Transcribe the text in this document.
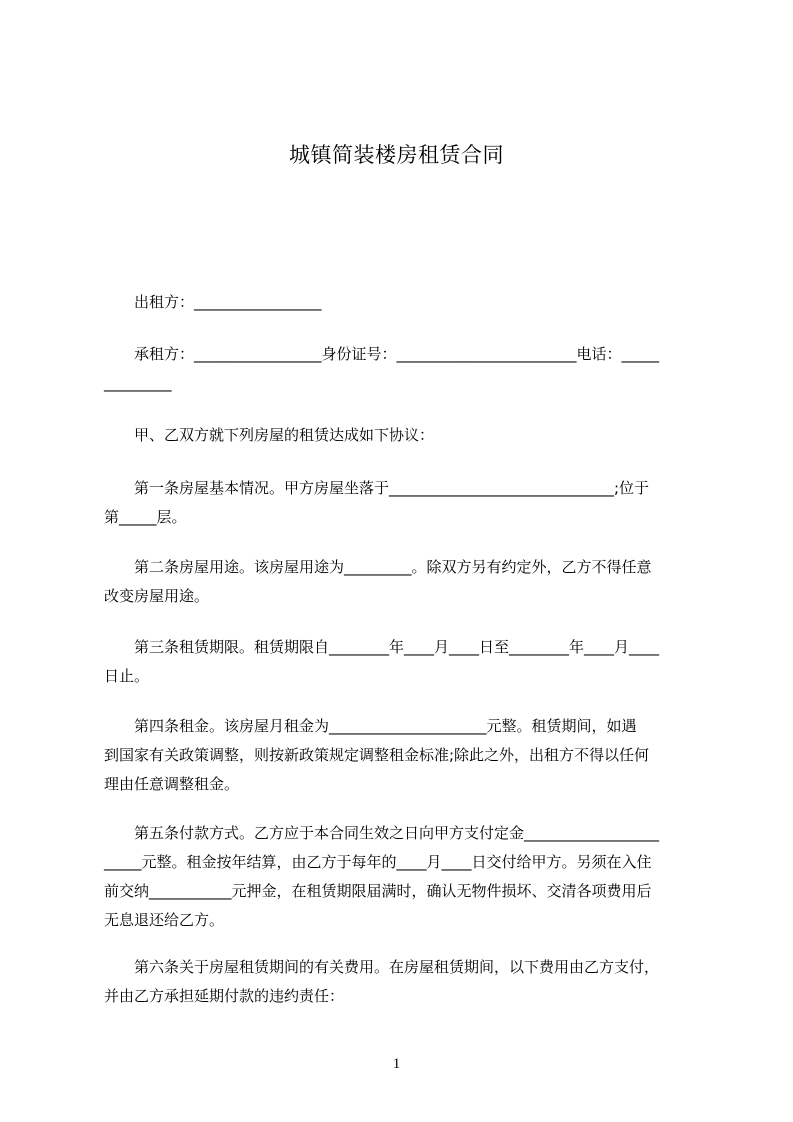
城镇简装楼房租赁合同

出租方：_________________

承租方：_________________身份证号：________________________电话：_____
_________

甲、乙双方就下列房屋的租赁达成如下协议：

第一条房屋基本情况。甲方房屋坐落于______________________________;位于
第_____层。

第二条房屋用途。该房屋用途为_________。除双方另有约定外，乙方不得任意
改变房屋用途。

第三条租赁期限。租赁期限自________年____月____日至________年____月____
日止。

第四条租金。该房屋月租金为_____________________元整。租赁期间，如遇
到国家有关政策调整，则按新政策规定调整租金标准;除此之外，出租方不得以任何
理由任意调整租金。

第五条付款方式。乙方应于本合同生效之日向甲方支付定金__________________
_____元整。租金按年结算，由乙方于每年的____月____日交付给甲方。另须在入住
前交纳___________元押金，在租赁期限届满时，确认无物件损坏、交清各项费用后
无息退还给乙方。

第六条关于房屋租赁期间的有关费用。在房屋租赁期间，以下费用由乙方支付，
并由乙方承担延期付款的违约责任：

1
